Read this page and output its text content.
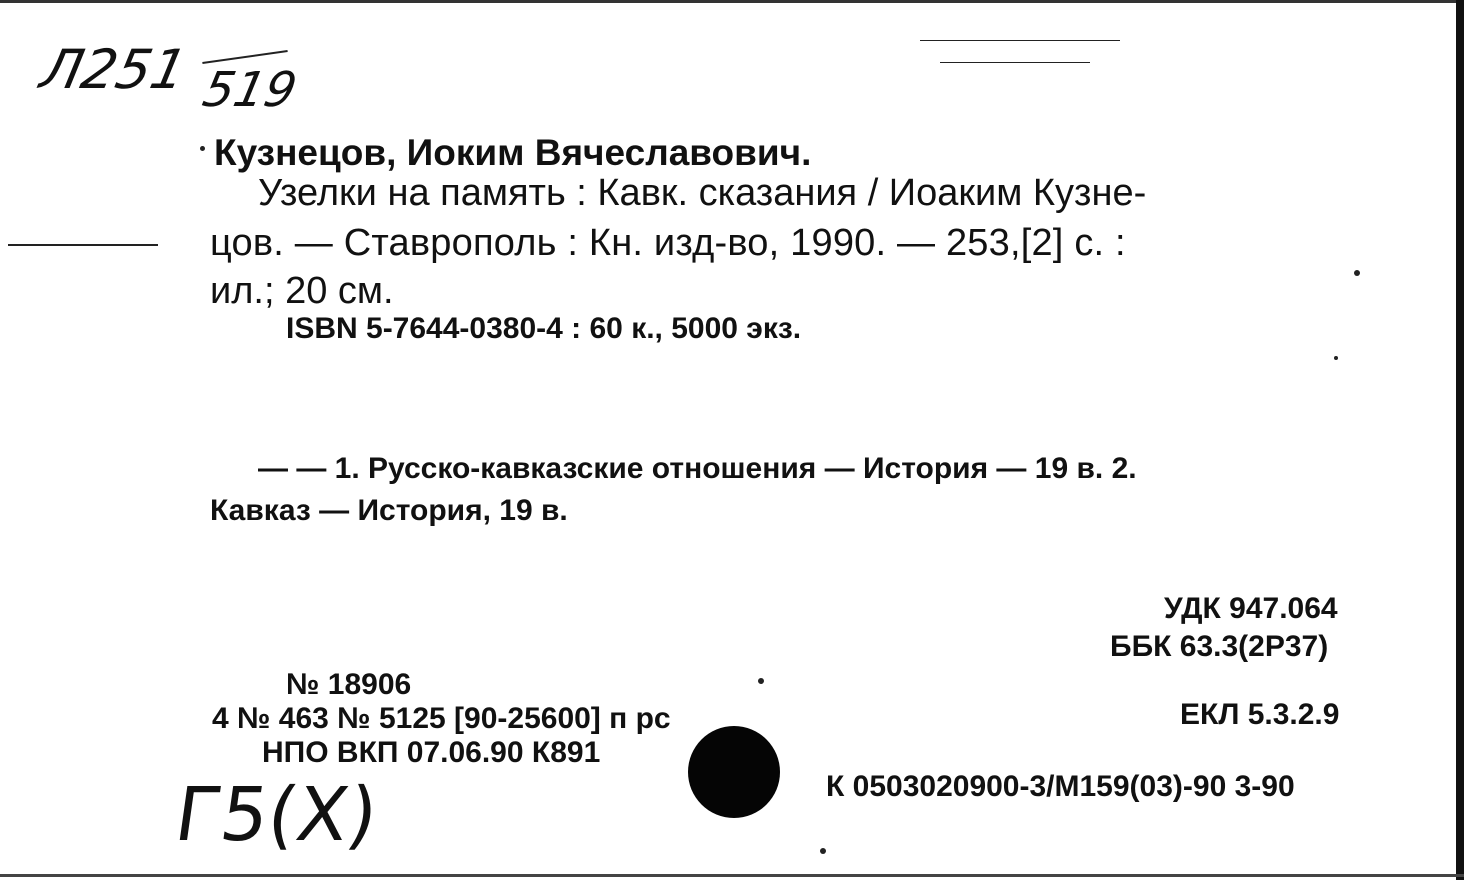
Л251 519
Кузнецов, Иоким Вячеславович.
Узелки на память : Кавк. сказания / Иоаким Кузне-
цов. — Ставрополь : Кн. изд-во, 1990. — 253,[2] с. :
ил.; 20 см.
ISBN 5-7644-0380-4 : 60 к., 5000 экз.
— — 1. Русско-кавказские отношения — История — 19 в. 2.
Кавказ — История, 19 в.
УДК 947.064
ББК 63.3(2Р37)
ЕКЛ 5.3.2.9
К 0503020900-3/М159(03)-90 3-90
№ 18906
4 № 463 № 5125 [90-25600] п рс
НПО ВКП 07.06.90 К891
Г5(Х)
